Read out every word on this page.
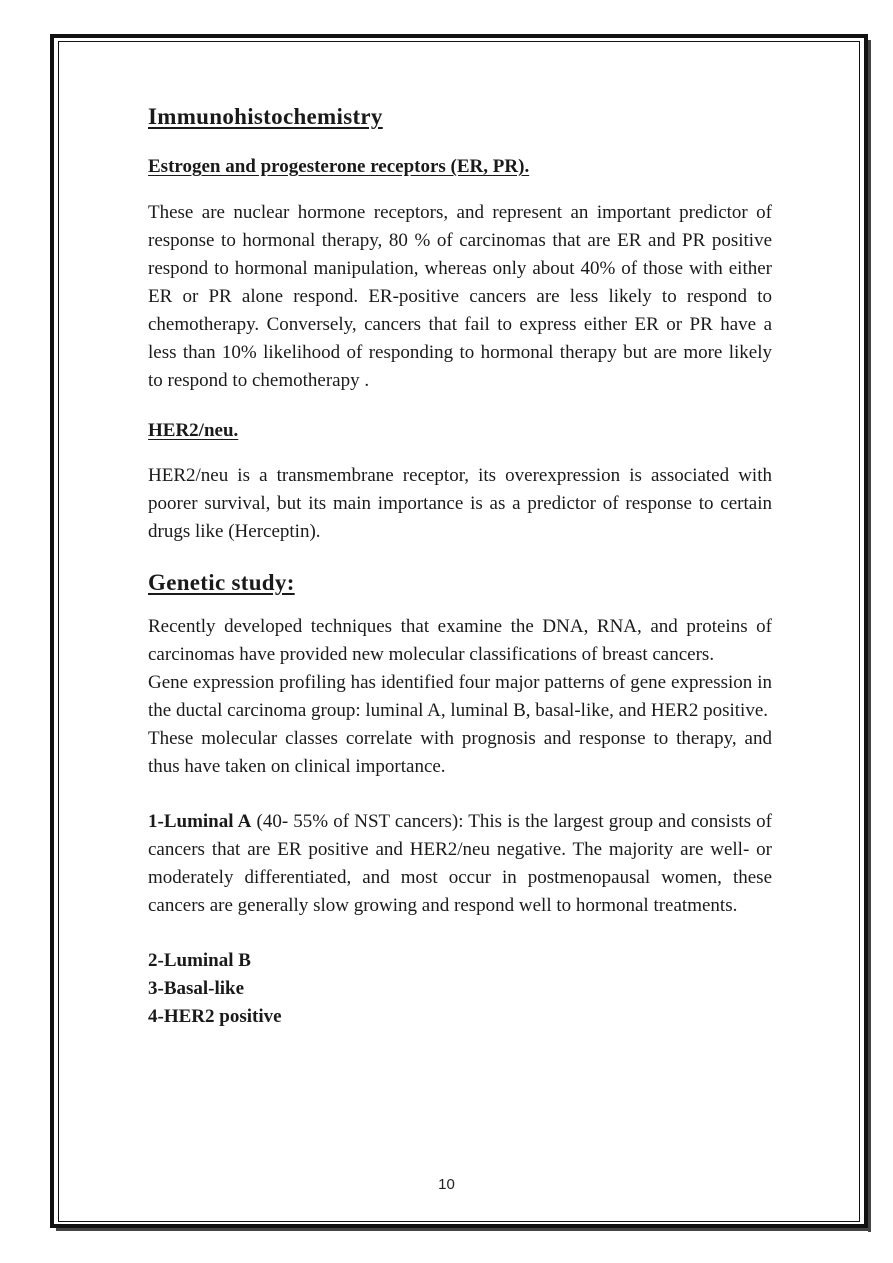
Immunohistochemistry
Estrogen and progesterone receptors (ER, PR).

These are nuclear hormone receptors, and represent an important predictor of response to hormonal therapy, 80 % of carcinomas that are ER and PR positive respond to hormonal manipulation, whereas only about 40% of those with either ER or PR alone respond. ER-positive cancers are less likely to respond to chemotherapy. Conversely, cancers that fail to express either ER or PR have a less than 10% likelihood of responding to hormonal therapy but are more likely to respond to chemotherapy .

HER2/neu.

HER2/neu is a transmembrane receptor, its overexpression is associated with poorer survival, but its main importance is as a predictor of response to certain drugs like (Herceptin).

Genetic study:

Recently developed techniques that examine the DNA, RNA, and proteins of carcinomas have provided new molecular classifications of breast cancers.

Gene expression profiling has identified four major patterns of gene expression in the ductal carcinoma group: luminal A, luminal B, basal-like, and HER2 positive.

These molecular classes correlate with prognosis and response to therapy, and thus have taken on clinical importance.

1-Luminal A (40- 55% of NST cancers): This is the largest group and consists of cancers that are ER positive and HER2/neu negative. The majority are well- or moderately differentiated, and most occur in postmenopausal women, these cancers are generally slow growing and respond well to hormonal treatments.

2-Luminal B
3-Basal-like
4-HER2 positive
10
